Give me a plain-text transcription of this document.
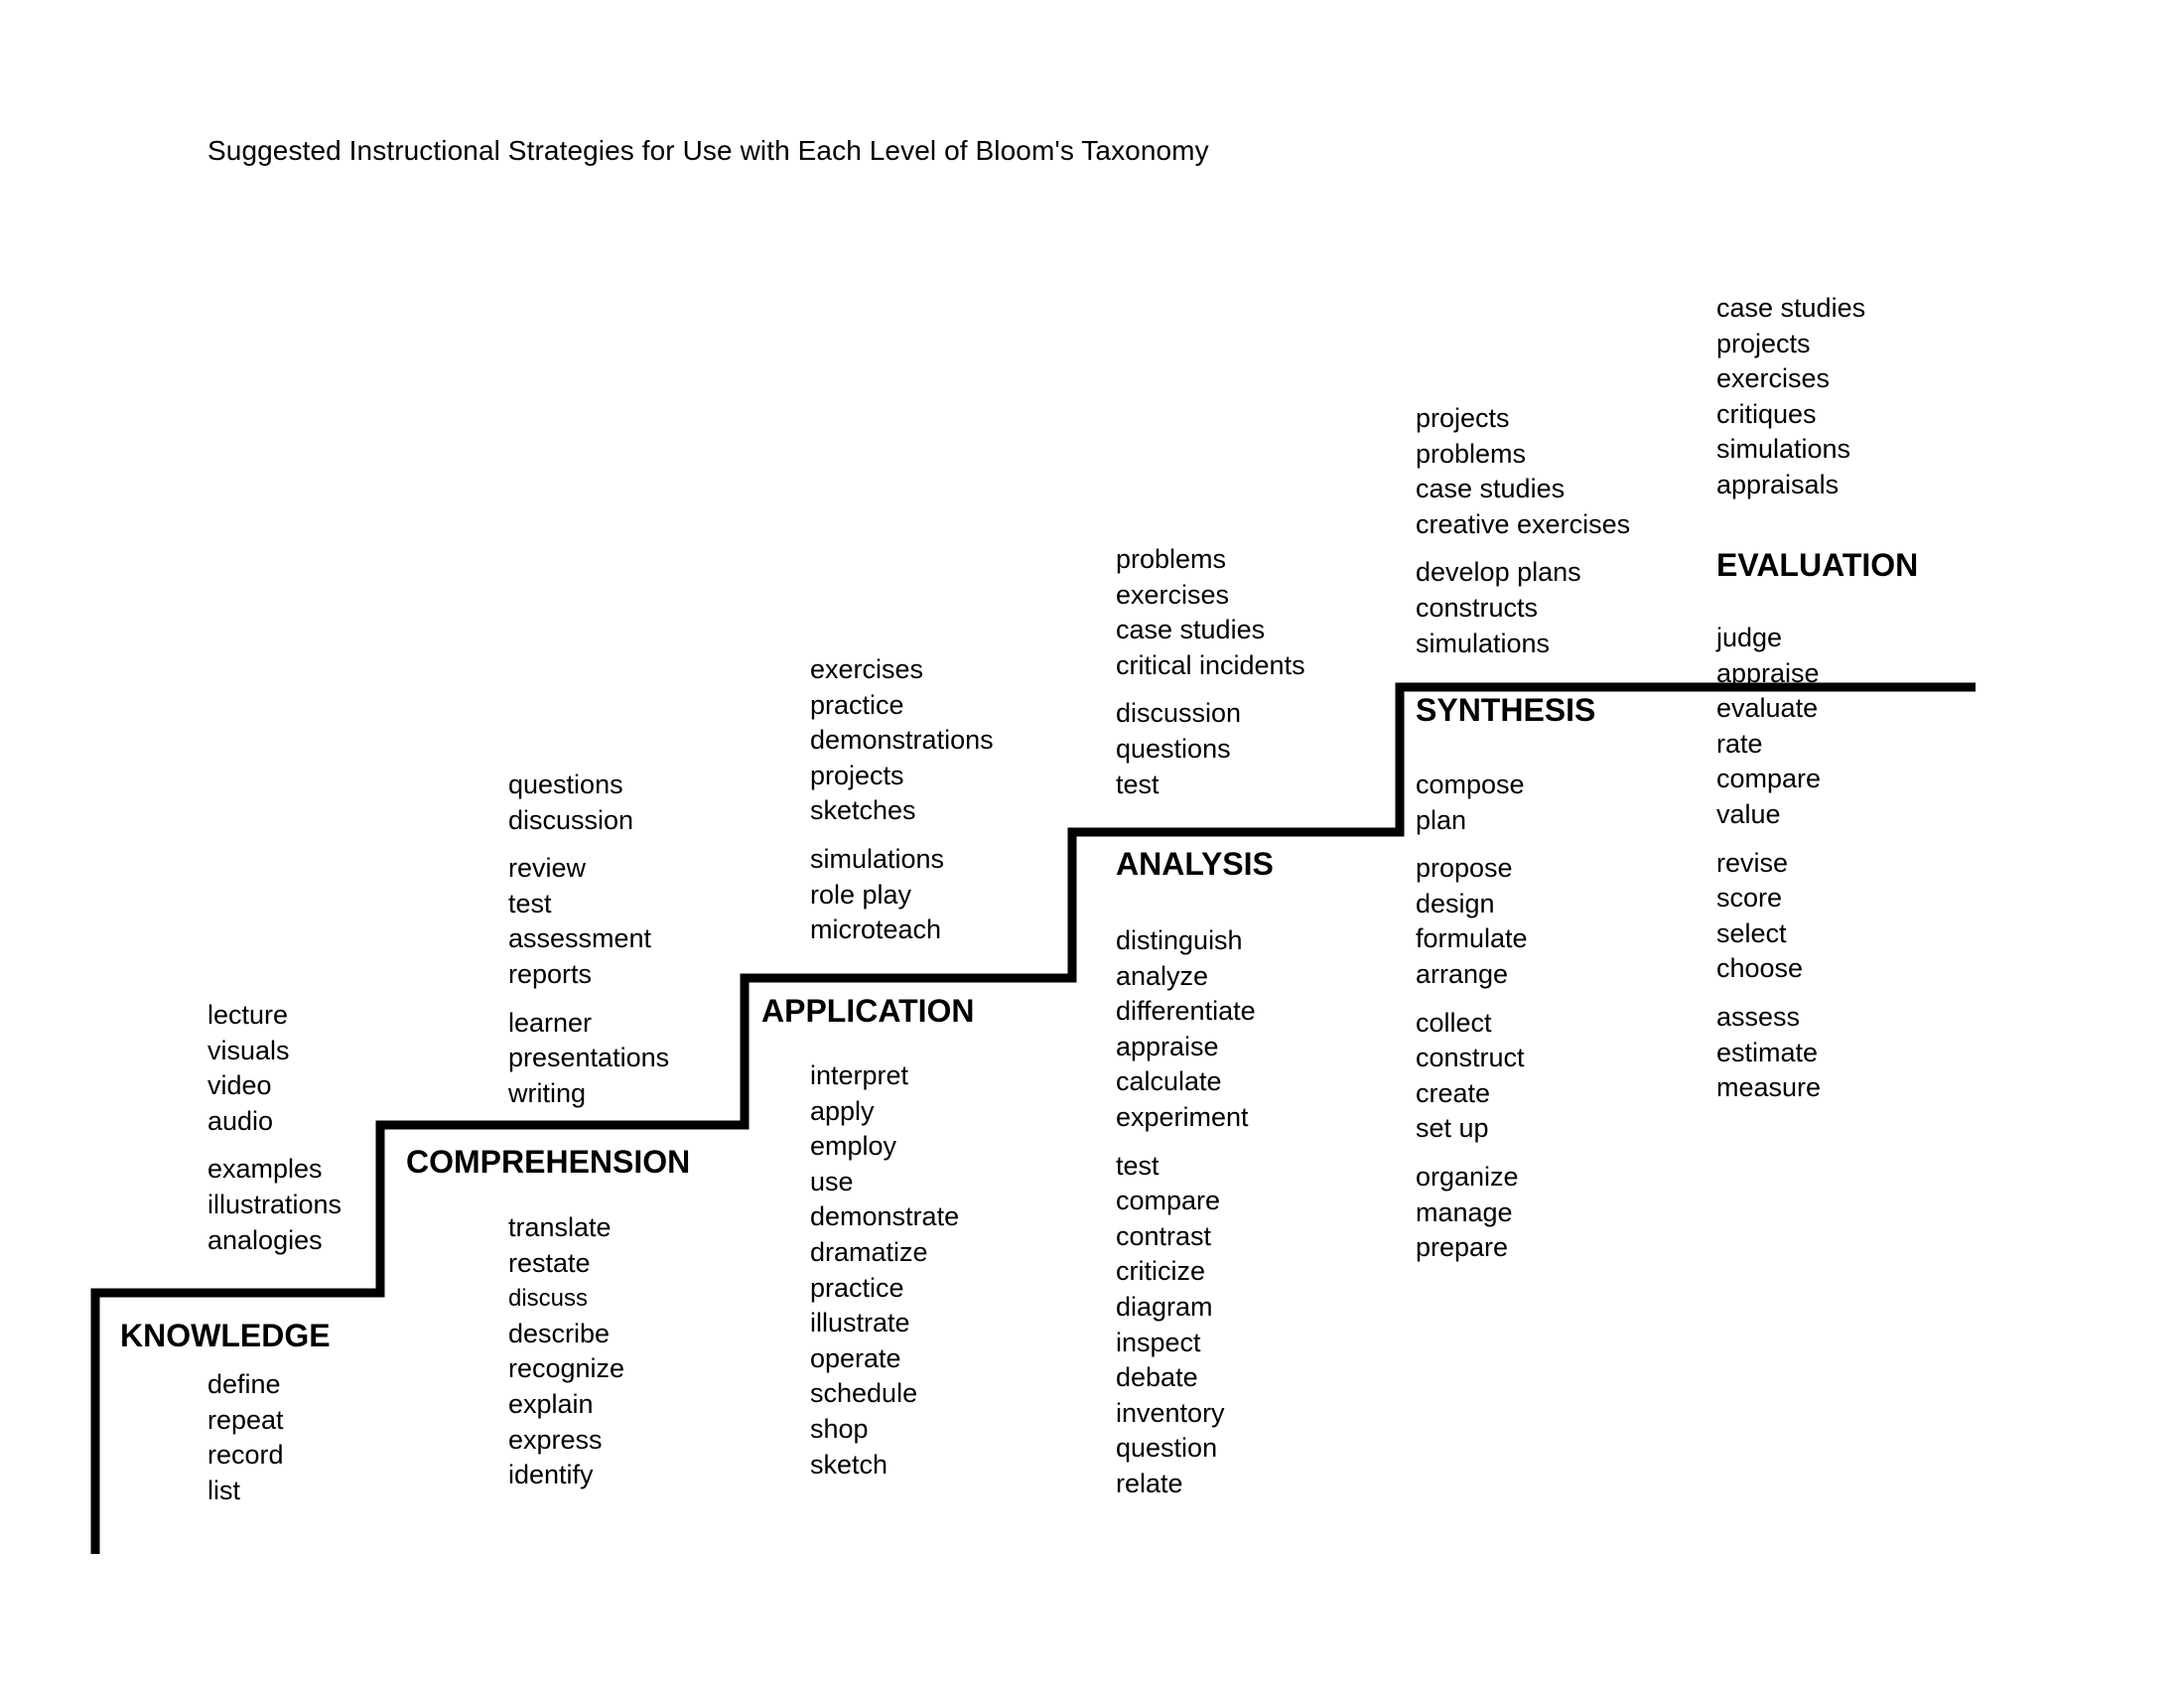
Suggested Instructional Strategies for Use with Each Level of Bloom's Taxonomy
lecture
visuals
video
audio
examples
illustrations
analogies
KNOWLEDGE
define
repeat
record
list
questions
discussion
review
test
assessment
reports
learner
presentations
writing
COMPREHENSION
translate
restate
discuss
describe
recognize
explain
express
identify
exercises
practice
demonstrations
projects
sketches
simulations
role play
microteach
APPLICATION
interpret
apply
employ
use
demonstrate
dramatize
practice
illustrate
operate
schedule
shop
sketch
problems
exercises
case studies
critical incidents
discussion
questions
test
ANALYSIS
distinguish
analyze
differentiate
appraise
calculate
experiment
test
compare
contrast
criticize
diagram
inspect
debate
inventory
question
relate
projects
problems
case studies
creative exercises
develop plans
constructs
simulations
SYNTHESIS
compose
plan
propose
design
formulate
arrange
collect
construct
create
set up
organize
manage
prepare
case studies
projects
exercises
critiques
simulations
appraisals
EVALUATION
judge
appraise
evaluate
rate
compare
value
revise
score
select
choose
assess
estimate
measure
